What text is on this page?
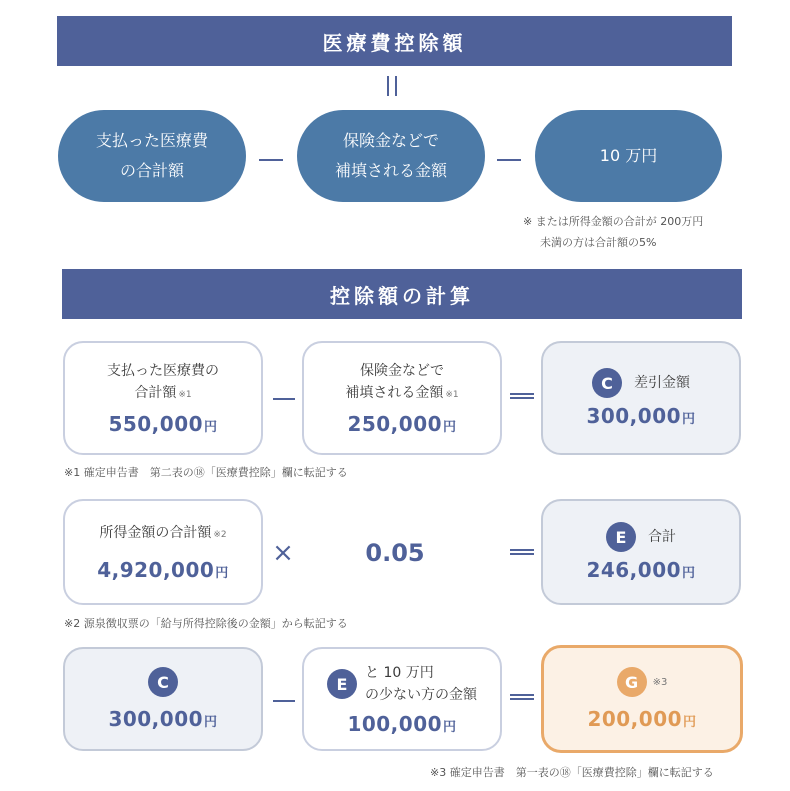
医療費控除額
支払った医療費
の合計額
保険金などで
補填される金額
10 万円
※ または所得金額の合計が 200万円
未満の方は合計額の5%
控除額の計算
支払った医療費の
合計額 ※1
550,000円
保険金などで
補填される金額 ※1
250,000円
C	差引金額
300,000円
※1 確定申告書　第二表の⑱「医療費控除」欄に転記する
所得金額の合計額 ※2
4,920,000円
×	0.05
E	合計
246,000円
※2 源泉徴収票の「給与所得控除後の金額」から転記する
C
300,000円
E
と 10 万円
の少ない方の金額
100,000円
G	※3
200,000円
※3 確定申告書　第一表の⑱「医療費控除」欄に転記する
